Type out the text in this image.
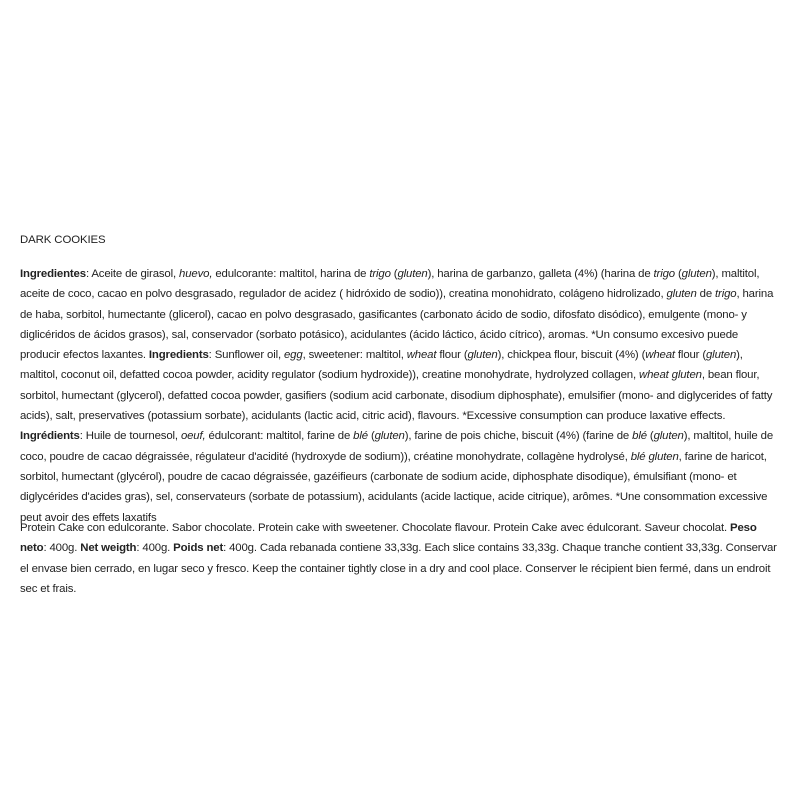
DARK COOKIES

Ingredientes: Aceite de girasol, huevo, edulcorante: maltitol, harina de trigo (gluten), harina de garbanzo, galleta (4%) (harina de trigo (gluten), maltitol, aceite de coco, cacao en polvo desgrasado, regulador de acidez ( hidróxido de sodio)), creatina monohidrato, colágeno hidrolizado, gluten de trigo, harina de haba, sorbitol, humectante (glicerol), cacao en polvo desgrasado, gasificantes (carbonato ácido de sodio, difosfato disódico), emulgente (mono- y diglicéridos de ácidos grasos), sal, conservador (sorbato potásico), acidulantes (ácido láctico, ácido cítrico), aromas. *Un consumo excesivo puede producir efectos laxantes. Ingredients: Sunflower oil, egg, sweetener: maltitol, wheat flour (gluten), chickpea flour, biscuit (4%) (wheat flour (gluten), maltitol, coconut oil, defatted cocoa powder, acidity regulator (sodium hydroxide)), creatine monohydrate, hydrolyzed collagen, wheat gluten, bean flour, sorbitol, humectant (glycerol), defatted cocoa powder, gasifiers (sodium acid carbonate, disodium diphosphate), emulsifier (mono- and diglycerides of fatty acids), salt, preservatives (potassium sorbate), acidulants (lactic acid, citric acid), flavours. *Excessive consumption can produce laxative effects. Ingrédients: Huile de tournesol, oeuf, édulcorant: maltitol, farine de blé (gluten), farine de pois chiche, biscuit (4%) (farine de blé (gluten), maltitol, huile de coco, poudre de cacao dégraissée, régulateur d'acidité (hydroxyde de sodium)), créatine monohydrate, collagène hydrolysé, blé gluten, farine de haricot, sorbitol, humectant (glycérol), poudre de cacao dégraissée, gazéifieurs (carbonate de sodium acide, diphosphate disodique), émulsifiant (mono- et diglycérides d'acides gras), sel, conservateurs (sorbate de potassium), acidulants (acide lactique, acide citrique), arômes. *Une consommation excessive peut avoir des effets laxatifs

Protein Cake con edulcorante. Sabor chocolate. Protein cake with sweetener. Chocolate flavour. Protein Cake avec édulcorant. Saveur chocolat. Peso neto: 400g. Net weigth: 400g. Poids net: 400g. Cada rebanada contiene 33,33g. Each slice contains 33,33g. Chaque tranche contient 33,33g. Conservar el envase bien cerrado, en lugar seco y fresco. Keep the container tightly close in a dry and cool place. Conserver le récipient bien fermé, dans un endroit sec et frais.
